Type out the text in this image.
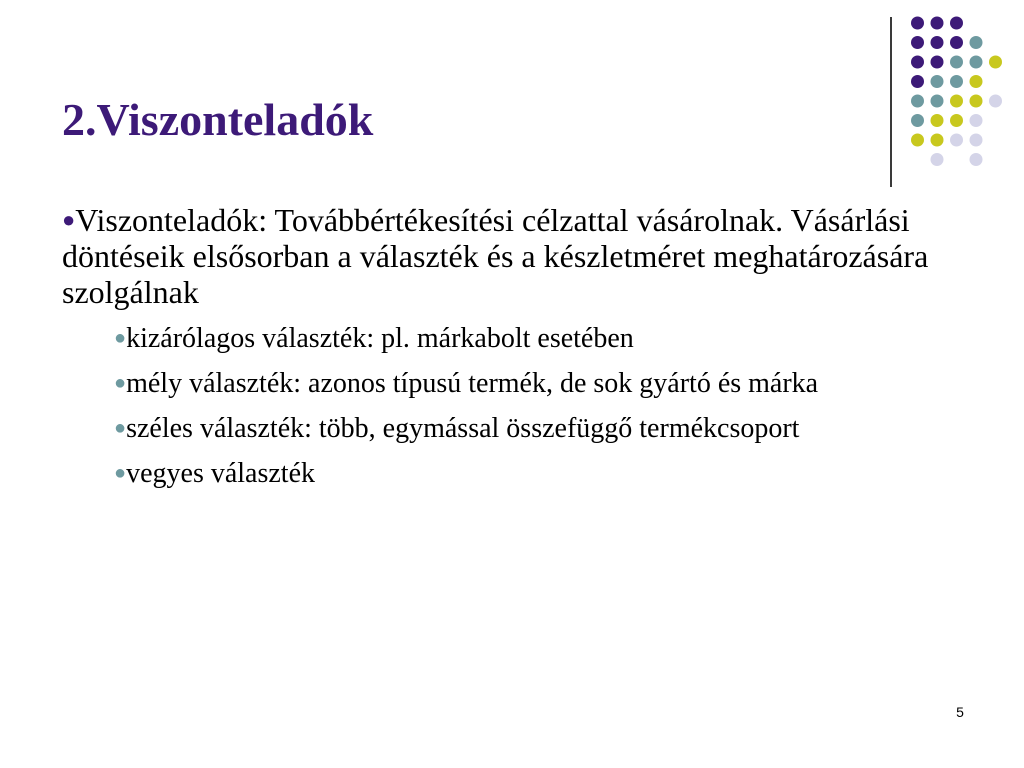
2.Viszonteladók

●Viszonteladók: Továbbértékesítési célzattal vásárolnak. Vásárlási döntéseik elsősorban a választék és a készletméret meghatározására szolgálnak

●kizárólagos választék: pl. márkabolt esetében
●mély választék: azonos típusú termék, de sok gyártó és márka
●széles választék: több, egymással összefüggő termékcsoport
●vegyes választék
5
